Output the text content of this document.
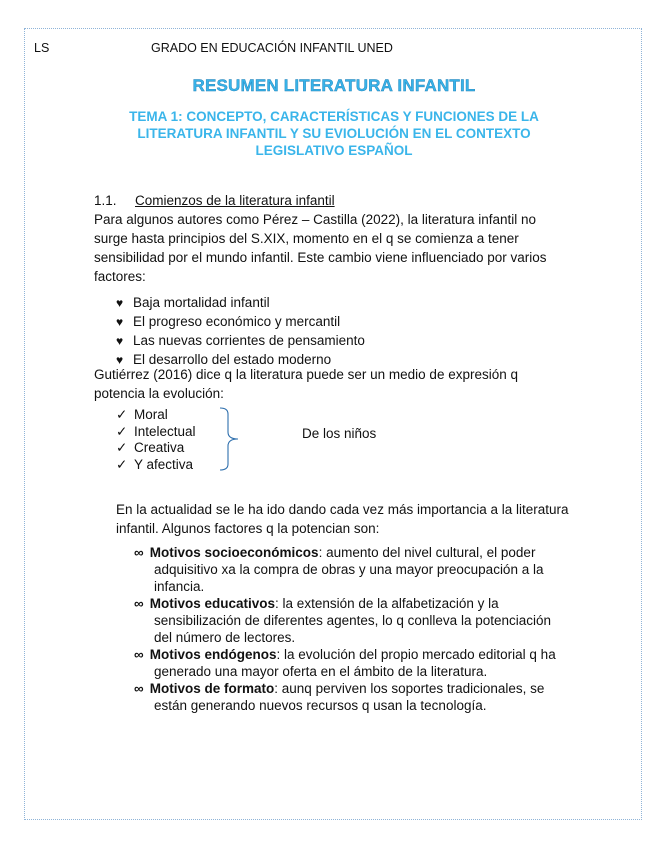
LS	GRADO EN EDUCACIÓN INFANTIL UNED
RESUMEN LITERATURA INFANTIL
TEMA 1: CONCEPTO, CARACTERÍSTICAS Y FUNCIONES DE LA
LITERATURA INFANTIL Y SU EVIOLUCIÓN EN EL CONTEXTO
LEGISLATIVO ESPAÑOL
1.1. Comienzos de la literatura infantil
Para algunos autores como Pérez – Castilla (2022), la literatura infantil no
surge hasta principios del S.XIX, momento en el q se comienza a tener
sensibilidad por el mundo infantil. Este cambio viene influenciado por varios
factores:
♥ Baja mortalidad infantil
♥ El progreso económico y mercantil
♥ Las nuevas corrientes de pensamiento
♥ El desarrollo del estado moderno
Gutiérrez (2016) dice q la literatura puede ser un medio de expresión q
potencia la evolución:
✓ Moral
✓ Intelectual
✓ Creativa
✓ Y afectiva
De los niños
En la actualidad se le ha ido dando cada vez más importancia a la literatura
infantil. Algunos factores q la potencian son:
∞ Motivos socioeconómicos: aumento del nivel cultural, el poder
adquisitivo xa la compra de obras y una mayor preocupación a la
infancia.
∞ Motivos educativos: la extensión de la alfabetización y la
sensibilización de diferentes agentes, lo q conlleva la potenciación
del número de lectores.
∞ Motivos endógenos: la evolución del propio mercado editorial q ha
generado una mayor oferta en el ámbito de la literatura.
∞ Motivos de formato: aunq perviven los soportes tradicionales, se
están generando nuevos recursos q usan la tecnología.
